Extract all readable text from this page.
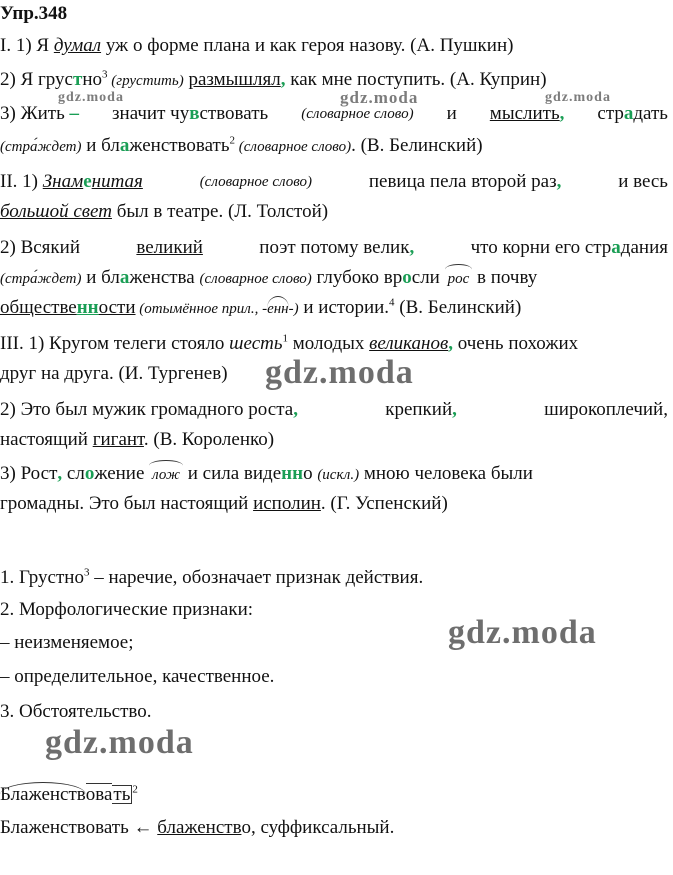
Упр.348
I. 1) Я думал уж о форме плана и как героя назову. (А. Пушкин)
2) Я грустно$^3$ (грустить) размышлял, как мне поступить. (А. Куприн)
3) Жить – значит чувствовать (словарное слово) и мыслить, страдать
(стра́ждет) и блаженствовать$^2$ (словарное слово). (В. Белинский)
II. 1) Знаменитая	(словарное слово)	певица пела второй раз,	и весь
большой свет был в театре. (Л. Толстой)
2) Всякий	великий	поэт потому велик,	что корни его страдания
(стра́ждет) и блаженства (словарное слово) глубоко вросли рос в почву
общественности (отымённое прил., -енн-) и истории.$^4$ (В. Белинский)
III. 1) Кругом телеги стояло шесть$^1$ молодых великанов, очень похожих
друг на друга. (И. Тургенев)
2) Это был мужик громадного роста,	крепкий,	широкоплечий,
настоящий гигант. (В. Короленко)
3) Рост, сложение лож и сила виденно (искл.) мною человека были
громадны. Это был настоящий исполин. (Г. Успенский)
1. Грустно$^3$ – наречие, обозначает признак действия.
2. Морфологические признаки:
– неизменяемое;
– определительное, качественное.
3. Обстоятельство.
Блаженствовать $^2$
Блаженствовать ← блаженство, суффиксальный.
gdz.moda	gdz.moda	gdz.moda
gdz.moda
gdz.moda
gdz.moda
